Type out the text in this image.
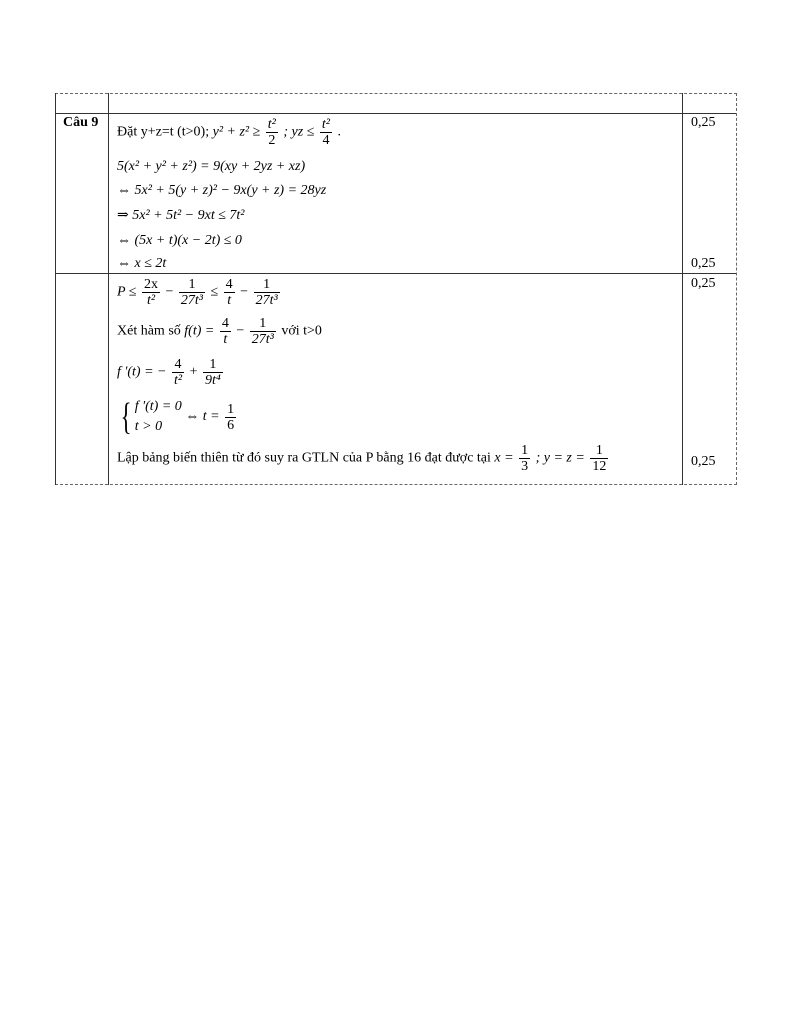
Câu 9	0,25
0,25
0,25
0,25
Đặt y+z=t (t>0); $y^2 + z^2 \ge \frac{\text{t²}}{2}$ ; yz ≤ $\frac{\text{t²}}{4}$ .
5(x² + y² + z²) = 9(xy + 2yz + xz)
⇔ 5x² + 5(y + z)² − 9x(y + z) = 28yz
⇒ 5x² + 5t² − 9xt ≤ 7t²
⇔ (5x + t)(x − 2t) ≤ 0
⇔ x ≤ 2t
$P \le \frac{2x}{\text{t²}} - \frac{1}{\text{27t³}} \le \frac{4}{t} - \frac{1}{\text{27t³}}$
Xét hàm số $f(t) = \frac{4}{t} - \frac{1}{\text{27t³}}$ với t>0
f '(t) = − $\frac{4}{\text{t²}} + \frac{1}{\text{9t⁴}}$
{ f '(t) = 0
t > 0
⇔ $t = \frac{1}{6}$
Lập bảng biến thiên từ đó suy ra GTLN của P bằng 16 đạt được tại $x = \frac{1}{3}$ ; $y = z = \frac{1}{12}$
